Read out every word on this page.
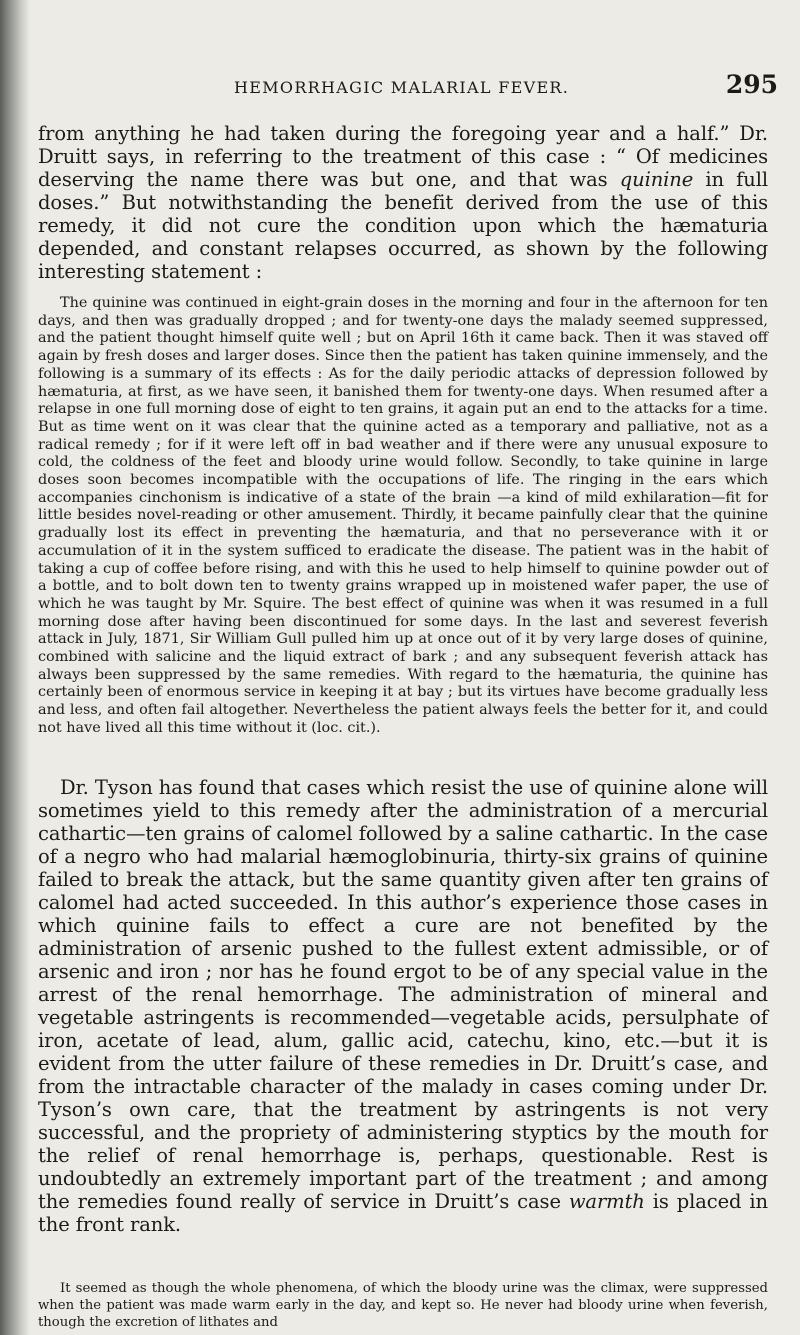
HEMORRHAGIC MALARIAL FEVER.	295

from anything he had taken during the foregoing year and a half.” Dr. Druitt says, in referring to the treatment of this case : “ Of medicines deserving the name there was but one, and that was quinine in full doses.” But notwithstanding the benefit derived from the use of this remedy, it did not cure the condition upon which the hæmaturia depended, and constant relapses occurred, as shown by the following interesting statement :

The quinine was continued in eight-grain doses in the morning and four in the afternoon for ten days, and then was gradually dropped ; and for twenty-one days the malady seemed suppressed, and the patient thought himself quite well ; but on April 16th it came back. Then it was staved off again by fresh doses and larger doses. Since then the patient has taken quinine immensely, and the following is a summary of its effects : As for the daily periodic attacks of depression followed by hæmaturia, at first, as we have seen, it banished them for twenty-one days. When resumed after a relapse in one full morning dose of eight to ten grains, it again put an end to the attacks for a time. But as time went on it was clear that the quinine acted as a temporary and palliative, not as a radical remedy ; for if it were left off in bad weather and if there were any unusual exposure to cold, the coldness of the feet and bloody urine would follow. Secondly, to take quinine in large doses soon becomes incompatible with the occupations of life. The ringing in the ears which accompanies cinchonism is indicative of a state of the brain —a kind of mild exhilaration—fit for little besides novel-reading or other amusement. Thirdly, it became painfully clear that the quinine gradually lost its effect in preventing the hæmaturia, and that no perseverance with it or accumulation of it in the system sufficed to eradicate the disease. The patient was in the habit of taking a cup of coffee before rising, and with this he used to help himself to quinine powder out of a bottle, and to bolt down ten to twenty grains wrapped up in moistened wafer paper, the use of which he was taught by Mr. Squire. The best effect of quinine was when it was resumed in a full morning dose after having been discontinued for some days. In the last and severest feverish attack in July, 1871, Sir William Gull pulled him up at once out of it by very large doses of quinine, combined with salicine and the liquid extract of bark ; and any subsequent feverish attack has always been suppressed by the same remedies. With regard to the hæmaturia, the quinine has certainly been of enormous service in keeping it at bay ; but its virtues have become gradually less and less, and often fail altogether. Nevertheless the patient always feels the better for it, and could not have lived all this time without it (loc. cit.).

Dr. Tyson has found that cases which resist the use of quinine alone will sometimes yield to this remedy after the administration of a mercurial cathartic—ten grains of calomel followed by a saline cathartic. In the case of a negro who had malarial hæmoglobinuria, thirty-six grains of quinine failed to break the attack, but the same quantity given after ten grains of calomel had acted succeeded. In this author’s experience those cases in which quinine fails to effect a cure are not benefited by the administration of arsenic pushed to the fullest extent admissible, or of arsenic and iron ; nor has he found ergot to be of any special value in the arrest of the renal hemorrhage. The administration of mineral and vegetable astringents is recommended—vegetable acids, persulphate of iron, acetate of lead, alum, gallic acid, catechu, kino, etc.—but it is evident from the utter failure of these remedies in Dr. Druitt’s case, and from the intractable character of the malady in cases coming under Dr. Tyson’s own care, that the treatment by astringents is not very successful, and the propriety of administering styptics by the mouth for the relief of renal hemorrhage is, perhaps, questionable. Rest is undoubtedly an extremely important part of the treatment ; and among the remedies found really of service in Druitt’s case warmth is placed in the front rank.

It seemed as though the whole phenomena, of which the bloody urine was the climax, were suppressed when the patient was made warm early in the day, and kept so. He never had bloody urine when feverish, though the excretion of lithates and
